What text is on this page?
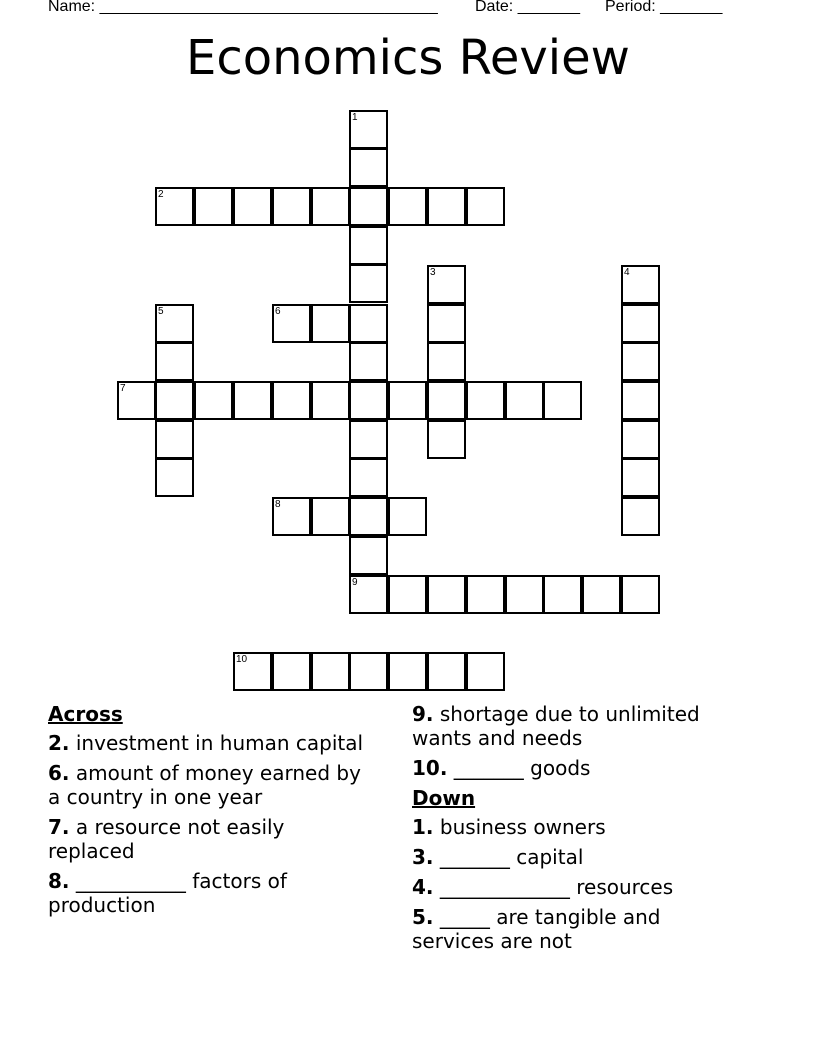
Name: ______________________________________ Date: _______ Period: _______
Economics Review
1
2
3	4
5	6
7
8
9
10
Across
2. investment in human capital
6. amount of money earned by a country in one year
7. a resource not easily replaced
8. ___________ factors of production
9. shortage due to unlimited wants and needs
10. _______ goods
Down
1. business owners
3. _______ capital
4. _____________ resources
5. _____ are tangible and services are not
